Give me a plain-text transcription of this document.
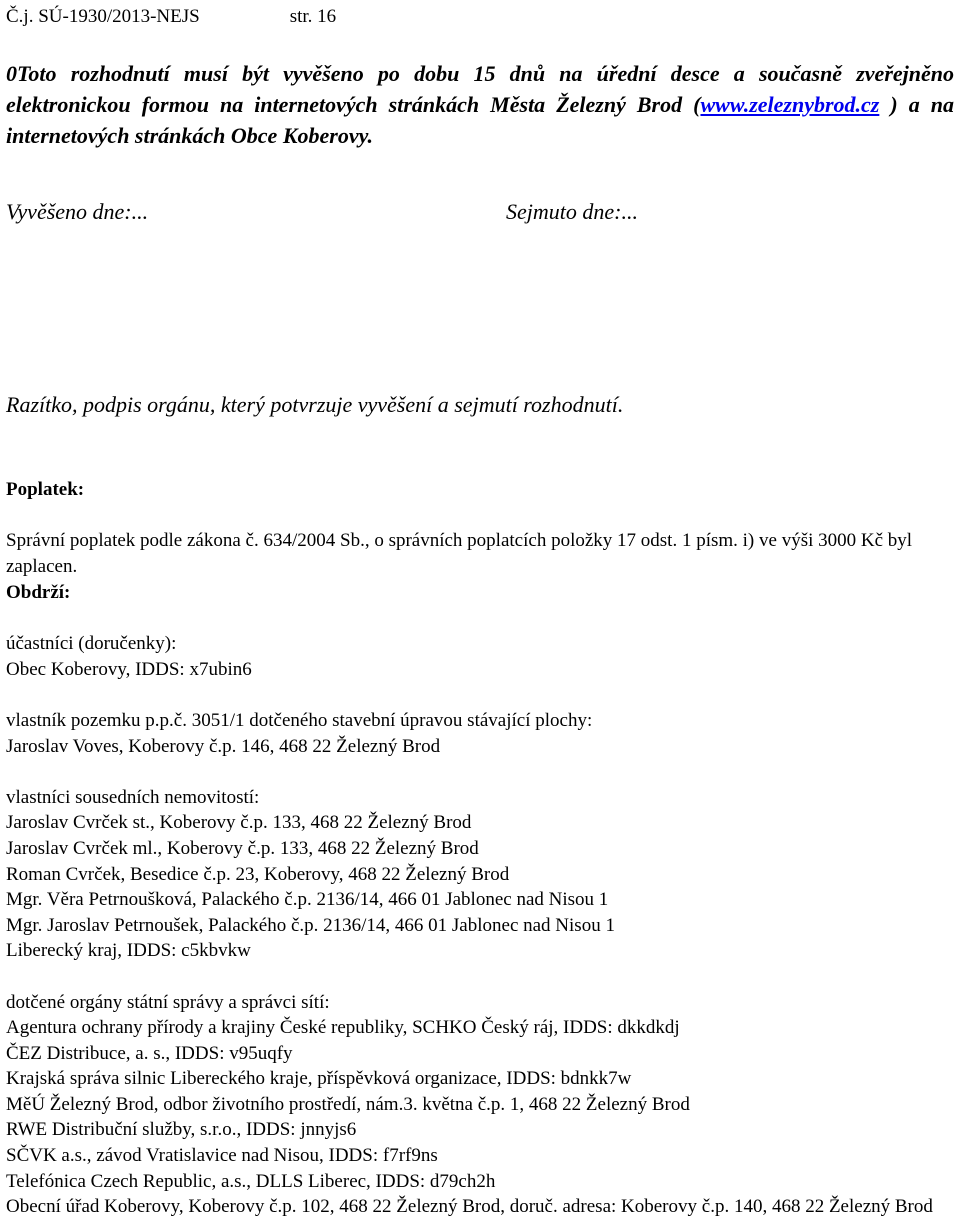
Č.j. SÚ-1930/2013-NEJS	str. 16
0Toto rozhodnutí musí být vyvěšeno po dobu 15 dnů na úřední desce a současně zveřejněno elektronickou formou na internetových stránkách Města Železný Brod (www.zeleznybrod.cz ) a na internetových stránkách Obce Koberovy.
Vyvěšeno dne:...	Sejmuto dne:...
Razítko, podpis orgánu, který potvrzuje vyvěšení a sejmutí rozhodnutí.
Poplatek:
Správní poplatek podle zákona č. 634/2004 Sb., o správních poplatcích položky 17 odst. 1 písm. i) ve výši 3000 Kč byl zaplacen.
Obdrží:
účastníci (doručenky):
Obec Koberovy, IDDS: x7ubin6
vlastník pozemku p.p.č. 3051/1 dotčeného stavební úpravou stávající plochy:
Jaroslav Voves, Koberovy č.p. 146, 468 22 Železný Brod
vlastníci sousedních nemovitostí:
Jaroslav Cvrček st., Koberovy č.p. 133, 468 22 Železný Brod
Jaroslav Cvrček ml., Koberovy č.p. 133, 468 22 Železný Brod
Roman Cvrček, Besedice č.p. 23, Koberovy, 468 22 Železný Brod
Mgr. Věra Petrnoušková, Palackého č.p. 2136/14, 466 01 Jablonec nad Nisou 1
Mgr. Jaroslav Petrnoušek, Palackého č.p. 2136/14, 466 01 Jablonec nad Nisou 1
Liberecký kraj, IDDS: c5kbvkw
dotčené orgány státní správy a správci sítí:
Agentura ochrany přírody a krajiny České republiky, SCHKO Český ráj, IDDS: dkkdkdj
ČEZ Distribuce, a. s., IDDS: v95uqfy
Krajská správa silnic Libereckého kraje, příspěvková organizace, IDDS: bdnkk7w
MěÚ Železný Brod, odbor životního prostředí, nám.3. května č.p. 1, 468 22 Železný Brod
RWE Distribuční služby, s.r.o., IDDS: jnnyjs6
SČVK a.s., závod Vratislavice nad Nisou, IDDS: f7rf9ns
Telefónica Czech Republic, a.s., DLLS Liberec, IDDS: d79ch2h
Obecní úřad Koberovy, Koberovy č.p. 102, 468 22 Železný Brod, doruč. adresa: Koberovy č.p. 140, 468 22 Železný Brod
